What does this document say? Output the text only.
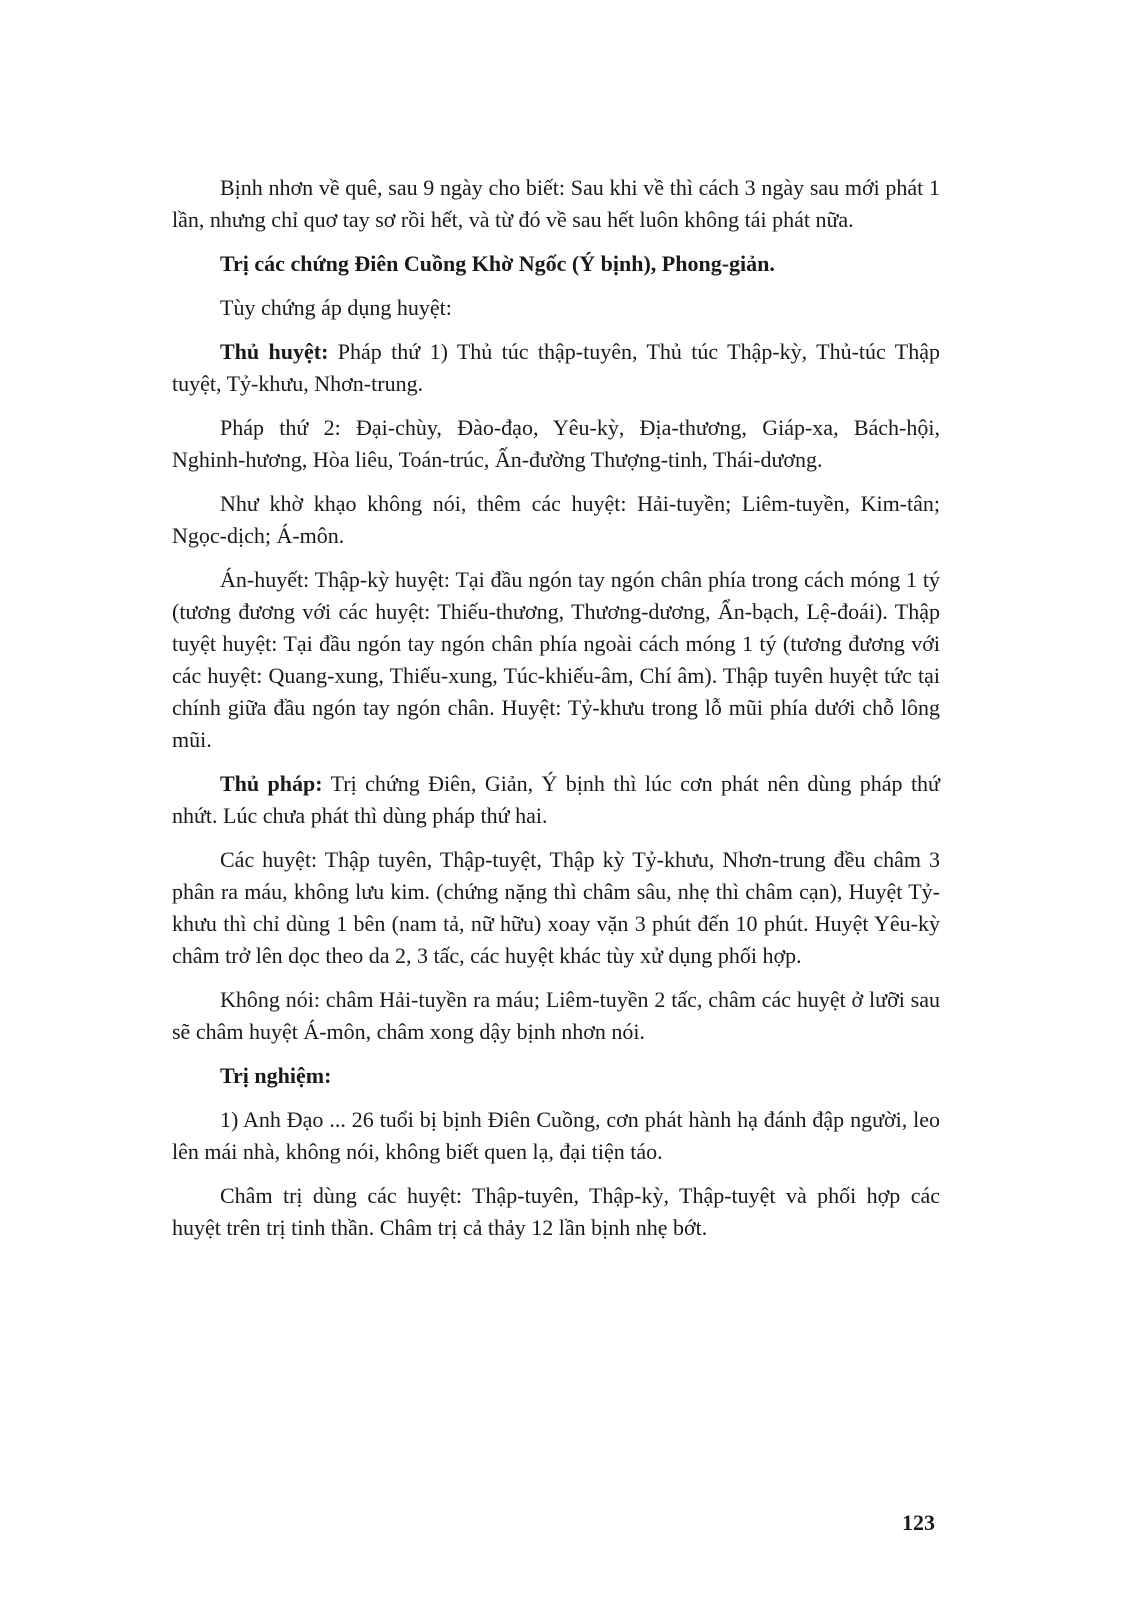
Bịnh nhơn về quê, sau 9 ngày cho biết: Sau khi về thì cách 3 ngày sau mới phát 1 lần, nhưng chỉ quơ tay sơ rồi hết, và từ đó về sau hết luôn không tái phát nữa.

Trị các chứng Điên Cuồng Khờ Ngốc (Ý bịnh), Phong-giản.

Tùy chứng áp dụng huyệt:

Thủ huyệt: Pháp thứ 1) Thủ túc thập-tuyên, Thủ túc Thập-kỳ, Thủ-túc Thập tuyệt, Tỷ-khưu, Nhơn-trung.

Pháp thứ 2: Đại-chùy, Đào-đạo, Yêu-kỳ, Địa-thương, Giáp-xa, Bách-hội, Nghinh-hương, Hòa liêu, Toán-trúc, Ấn-đường Thượng-tinh, Thái-dương.

Như khờ khạo không nói, thêm các huyệt: Hải-tuyền; Liêm-tuyền, Kim-tân; Ngọc-dịch; Á-môn.

Án-huyết: Thập-kỳ huyệt: Tại đầu ngón tay ngón chân phía trong cách móng 1 tý (tương đương với các huyệt: Thiếu-thương, Thương-dương, Ẩn-bạch, Lệ-đoái). Thập tuyệt huyệt: Tại đầu ngón tay ngón chân phía ngoài cách móng 1 tý (tương đương với các huyệt: Quang-xung, Thiếu-xung, Túc-khiếu-âm, Chí âm). Thập tuyên huyệt tức tại chính giữa đầu ngón tay ngón chân. Huyệt: Tỷ-khưu trong lỗ mũi phía dưới chỗ lông mũi.

Thủ pháp: Trị chứng Điên, Giản, Ý bịnh thì lúc cơn phát nên dùng pháp thứ nhứt. Lúc chưa phát thì dùng pháp thứ hai.

Các huyệt: Thập tuyên, Thập-tuyệt, Thập kỳ Tỷ-khưu, Nhơn-trung đều châm 3 phân ra máu, không lưu kim. (chứng nặng thì châm sâu, nhẹ thì châm cạn), Huyệt Tỷ-khưu thì chỉ dùng 1 bên (nam tả, nữ hữu) xoay vặn 3 phút đến 10 phút. Huyệt Yêu-kỳ châm trở lên dọc theo da 2, 3 tấc, các huyệt khác tùy xử dụng phối hợp.

Không nói: châm Hải-tuyền ra máu; Liêm-tuyền 2 tấc, châm các huyệt ở lưỡi sau sẽ châm huyệt Á-môn, châm xong dậy bịnh nhơn nói.

Trị nghiệm:

1) Anh Đạo ... 26 tuổi bị bịnh Điên Cuồng, cơn phát hành hạ đánh đập người, leo lên mái nhà, không nói, không biết quen lạ, đại tiện táo.

Châm trị dùng các huyệt: Thập-tuyên, Thập-kỳ, Thập-tuyệt và phối hợp các huyệt trên trị tinh thần. Châm trị cả thảy 12 lần bịnh nhẹ bớt.

123
